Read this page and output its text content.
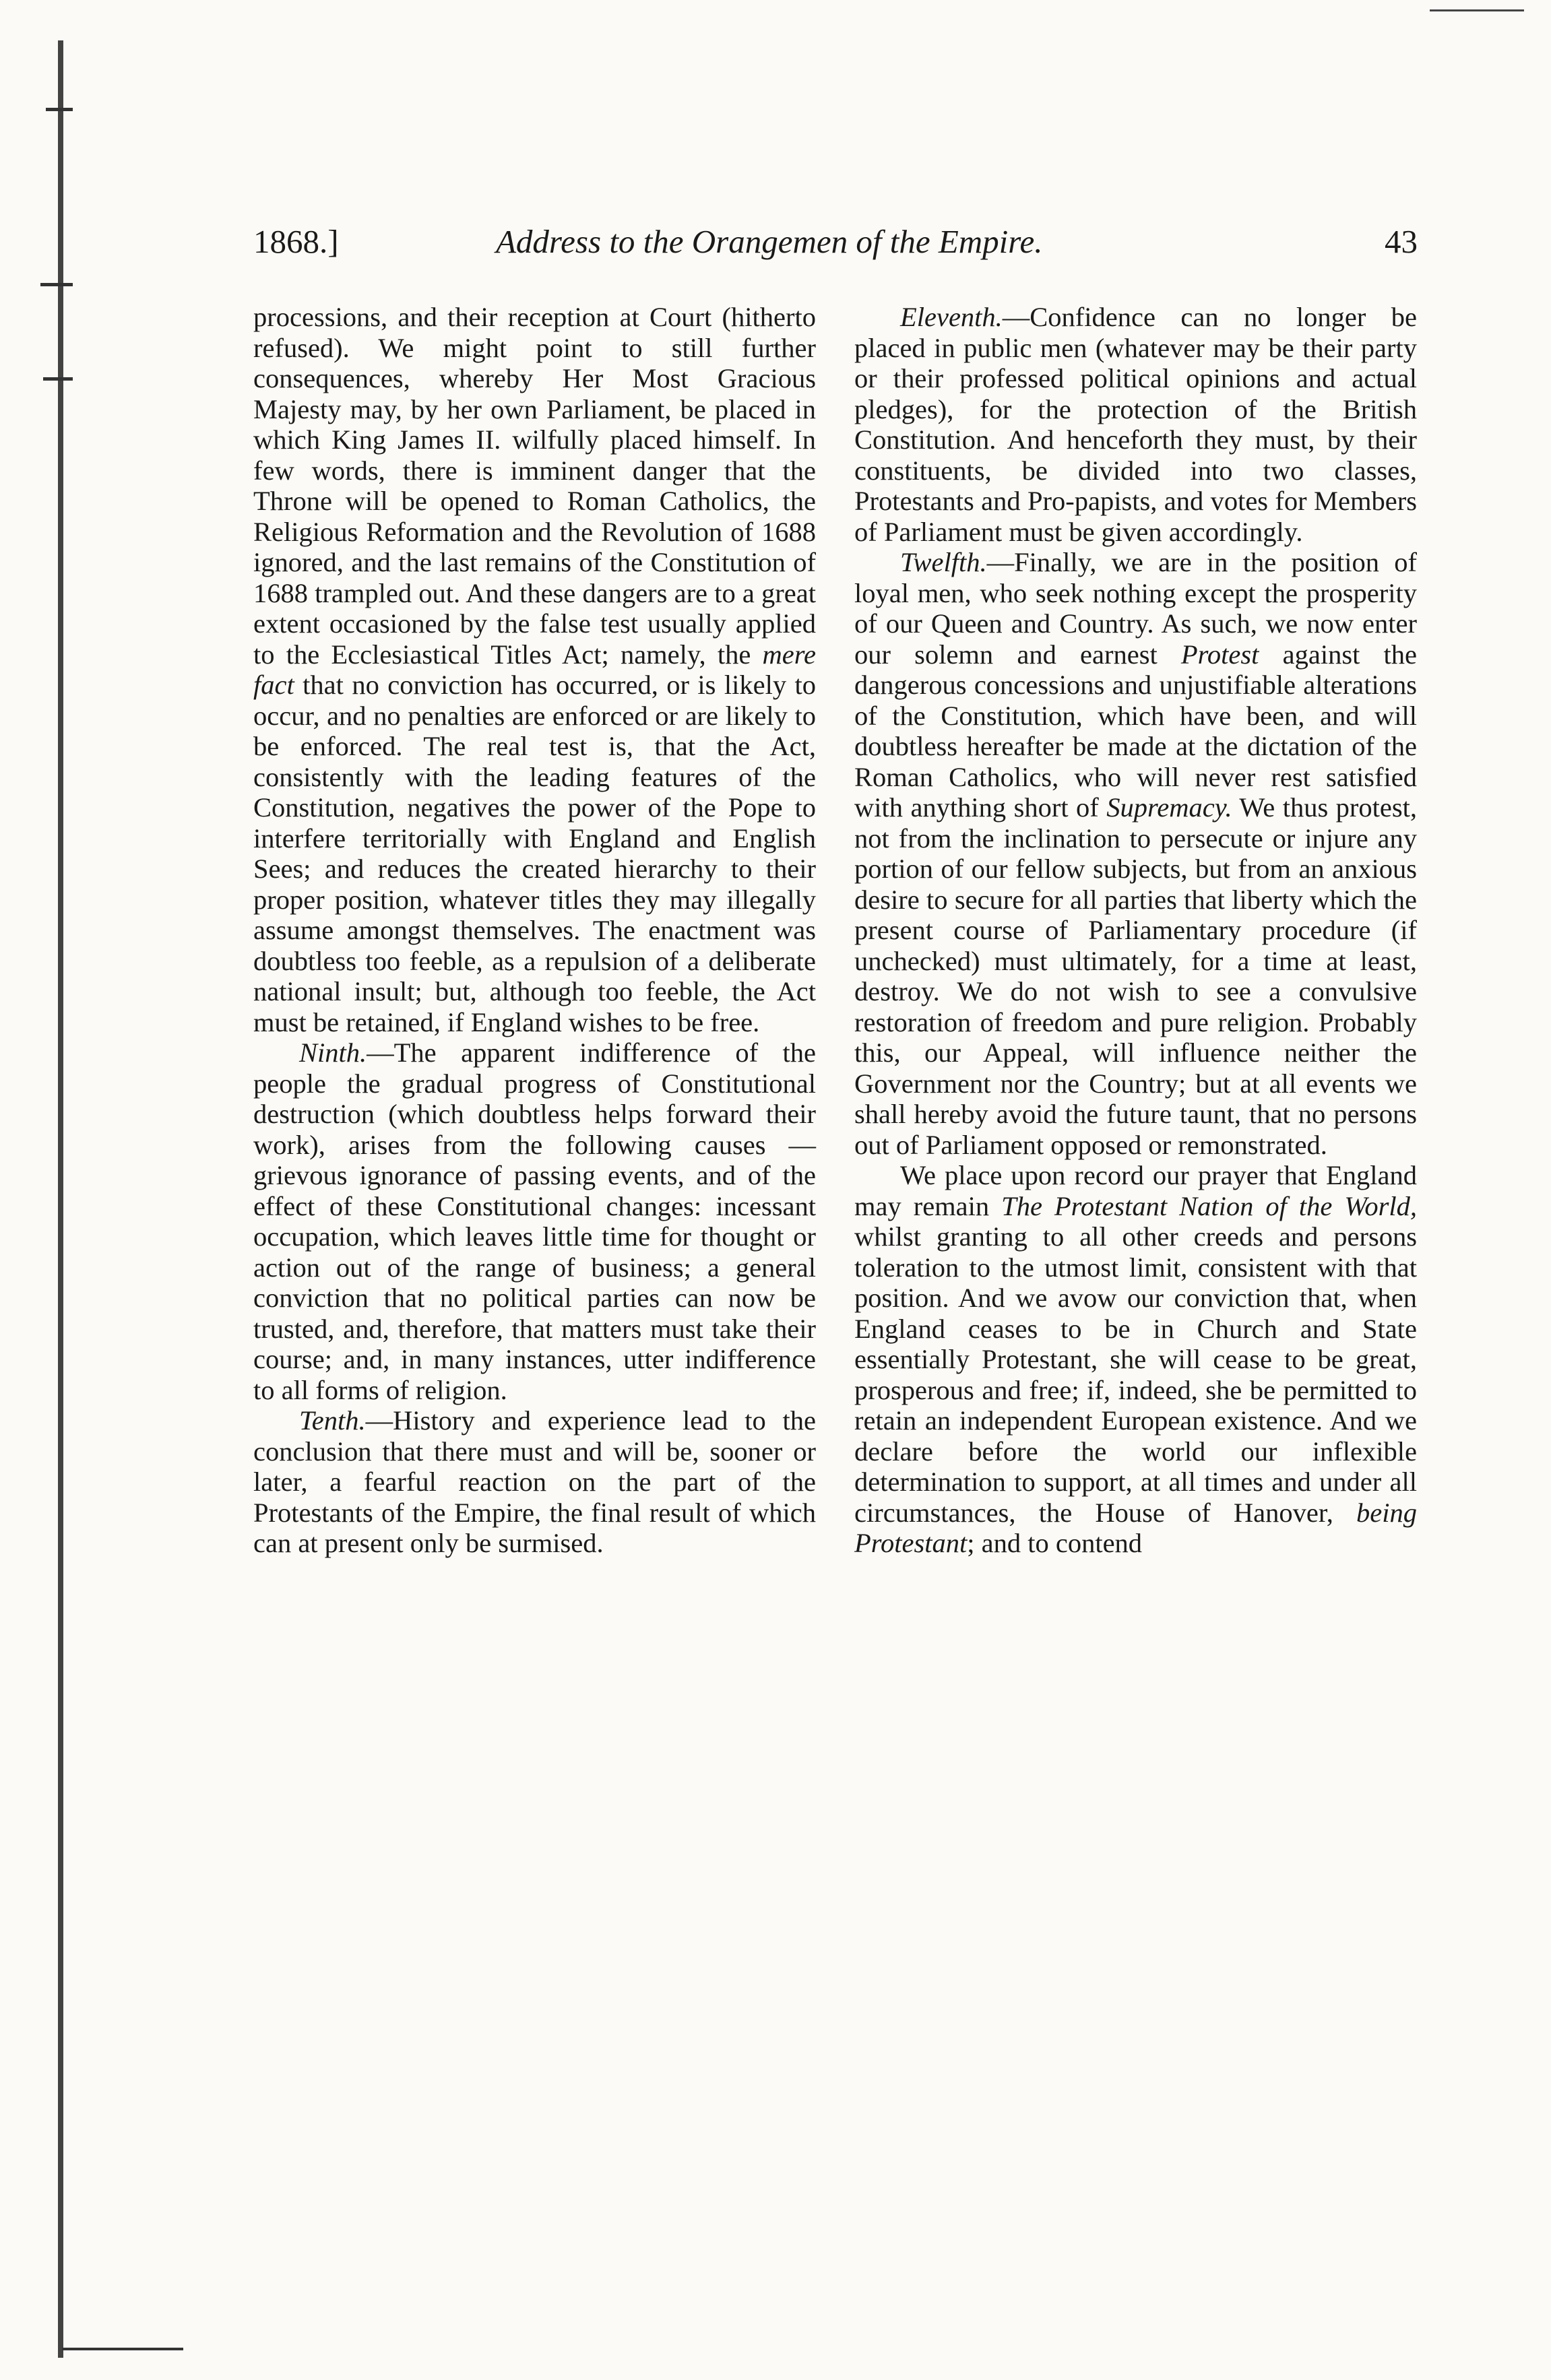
1868.]	Address to the Orangemen of the Empire.	43

processions, and their reception at Court (hitherto refused). We might point to still further consequences, whereby Her Most Gracious Majesty may, by her own Parliament, be placed in which King James II. wilfully placed himself. In few words, there is imminent danger that the Throne will be opened to Roman Catholics, the Religious Reformation and the Revolution of 1688 ignored, and the last remains of the Constitution of 1688 trampled out. And these dangers are to a great extent occasioned by the false test usually applied to the Ecclesiastical Titles Act; namely, the mere fact that no conviction has occurred, or is likely to occur, and no penalties are enforced or are likely to be enforced. The real test is, that the Act, consistently with the leading features of the Constitution, negatives the power of the Pope to interfere territorially with England and English Sees; and reduces the created hierarchy to their proper position, whatever titles they may illegally assume amongst themselves. The enactment was doubtless too feeble, as a repulsion of a deliberate national insult; but, although too feeble, the Act must be retained, if England wishes to be free.

Ninth.—The apparent indifference of the people the gradual progress of Constitutional destruction (which doubtless helps forward their work), arises from the following causes — grievous ignorance of passing events, and of the effect of these Constitutional changes: incessant occupation, which leaves little time for thought or action out of the range of business; a general conviction that no political parties can now be trusted, and, therefore, that matters must take their course; and, in many instances, utter indifference to all forms of religion.

Tenth.—History and experience lead to the conclusion that there must and will be, sooner or later, a fearful reaction on the part of the Protestants of the Empire, the final result of which can at present only be surmised.

Eleventh.—Confidence can no longer be placed in public men (whatever may be their party or their professed political opinions and actual pledges), for the protection of the British Constitution. And henceforth they must, by their constituents, be divided into two classes, Protestants and Pro-papists, and votes for Members of Parliament must be given accordingly.

Twelfth.—Finally, we are in the position of loyal men, who seek nothing except the prosperity of our Queen and Country. As such, we now enter our solemn and earnest Protest against the dangerous concessions and unjustifiable alterations of the Constitution, which have been, and will doubtless hereafter be made at the dictation of the Roman Catholics, who will never rest satisfied with anything short of Supremacy. We thus protest, not from the inclination to persecute or injure any portion of our fellow subjects, but from an anxious desire to secure for all parties that liberty which the present course of Parliamentary procedure (if unchecked) must ultimately, for a time at least, destroy. We do not wish to see a convulsive restoration of freedom and pure religion. Probably this, our Appeal, will influence neither the Government nor the Country; but at all events we shall hereby avoid the future taunt, that no persons out of Parliament opposed or remonstrated.

We place upon record our prayer that England may remain The Protestant Nation of the World, whilst granting to all other creeds and persons toleration to the utmost limit, consistent with that position. And we avow our conviction that, when England ceases to be in Church and State essentially Protestant, she will cease to be great, prosperous and free; if, indeed, she be permitted to retain an independent European existence. And we declare before the world our inflexible determination to support, at all times and under all circumstances, the House of Hanover, being Protestant; and to contend
